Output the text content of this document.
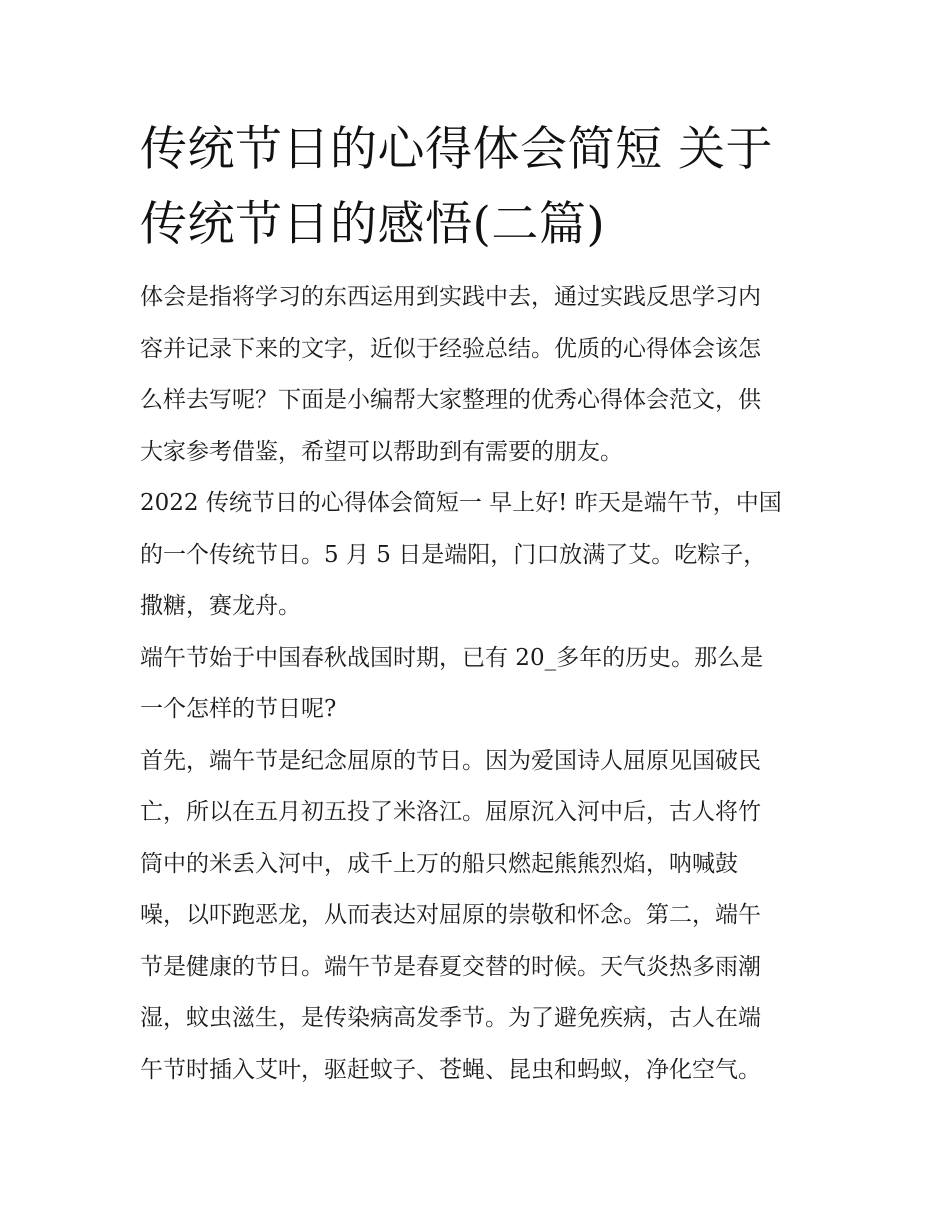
传统节日的心得体会简短 关于
传统节日的感悟(二篇)

体会是指将学习的东西运用到实践中去，通过实践反思学习内
容并记录下来的文字，近似于经验总结。优质的心得体会该怎
么样去写呢？下面是小编帮大家整理的优秀心得体会范文，供
大家参考借鉴，希望可以帮助到有需要的朋友。

2022 传统节日的心得体会简短一 早上好! 昨天是端午节，中国
的一个传统节日。5 月 5 日是端阳，门口放满了艾。吃粽子，
撒糖，赛龙舟。

端午节始于中国春秋战国时期，已有 20_多年的历史。那么是
一个怎样的节日呢?

首先，端午节是纪念屈原的节日。因为爱国诗人屈原见国破民
亡，所以在五月初五投了米洛江。屈原沉入河中后，古人将竹
筒中的米丢入河中，成千上万的船只燃起熊熊烈焰，呐喊鼓
噪，以吓跑恶龙，从而表达对屈原的崇敬和怀念。第二，端午
节是健康的节日。端午节是春夏交替的时候。天气炎热多雨潮
湿，蚊虫滋生，是传染病高发季节。为了避免疾病，古人在端
午节时插入艾叶，驱赶蚊子、苍蝇、昆虫和蚂蚁，净化空气。
